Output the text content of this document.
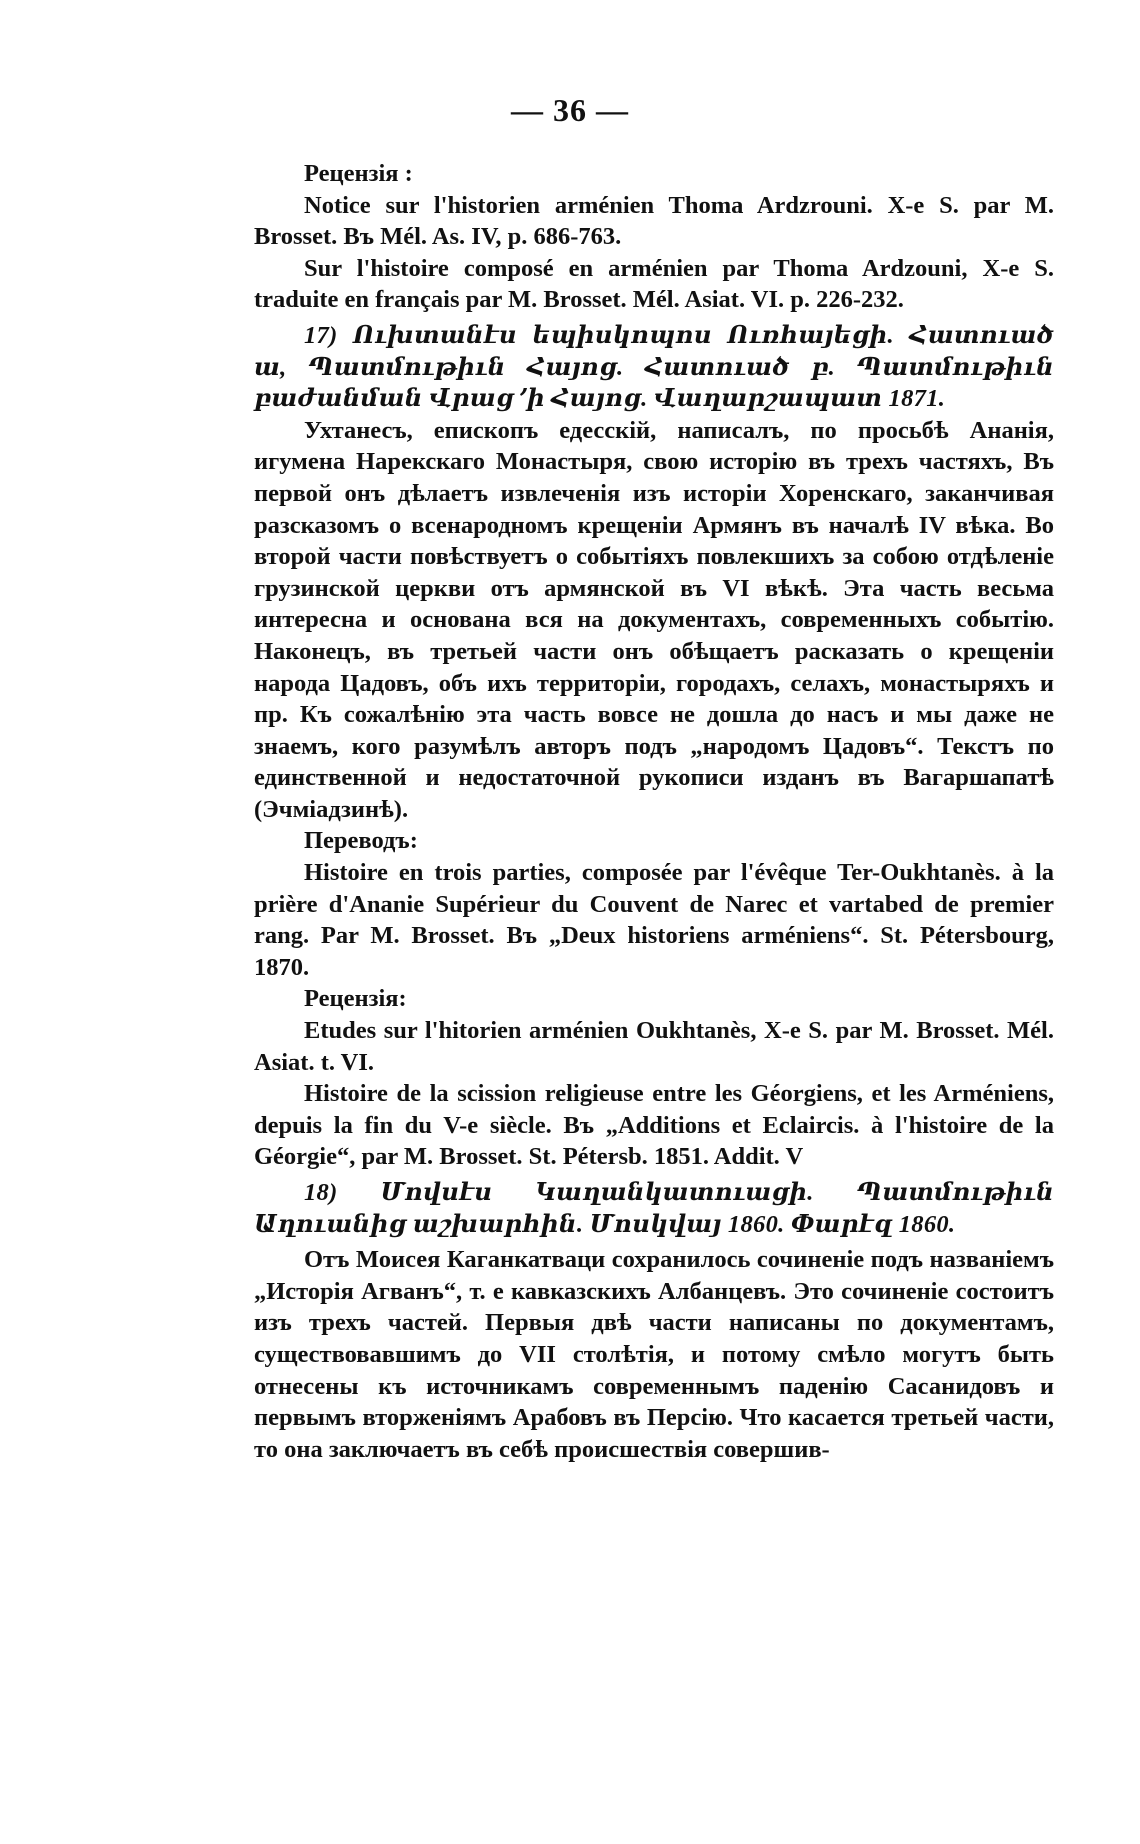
— 36 —

Рецензія :

Notice sur l'historien arménien Thoma Ardzrouni. X-e S. par M. Brosset. Въ Mél. As. IV, p. 686-763.

Sur l'histoire composé en arménien par Thoma Ardzouni, X-e S. traduite en français par M. Brosset. Mél. Asiat. VI. p. 226-232.

17) Ուխտանէս եպիսկոպոս Ուռհայեցի. Հատուած ա, Պատմութիւն Հայոց. Հատուած բ. Պատմութիւն բաժանման Վրաց ՚ի Հայոց. Վաղարշապատ 1871.

Ухтанесъ, епископъ едесскій, написалъ, по просьбѣ Ананія, игумена Нарекскаго Монастыря, свою исторію въ трехъ частяхъ, Въ первой онъ дѣлаетъ извлеченія изъ исторіи Хоренскаго, заканчивая разсказомъ о всенародномъ крещеніи Армянъ въ началѣ IV вѣка. Во второй части повѣствуетъ о событіяхъ повлекшихъ за собою отдѣленіе грузинской церкви отъ армянской въ VI вѣкѣ. Эта часть весьма интересна и основана вся на документахъ, современныхъ событію. Наконецъ, въ третьей части онъ обѣщаетъ расказать о крещеніи народа Цадовъ, объ ихъ территоріи, городахъ, селахъ, монастыряхъ и пр. Къ сожалѣнію эта часть вовсе не дошла до насъ и мы даже не знаемъ, кого разумѣлъ авторъ подъ „народомъ Цадовъ“. Текстъ по единственной и недостаточной рукописи изданъ въ Вагаршапатѣ (Эчміадзинѣ).

Переводъ:

Histoire en trois parties, composée par l'évêque Ter-Oukhtanès. à la prière d'Ananie Supérieur du Couvent de Narec et vartabed de premier rang. Par M. Brosset. Въ „Deux historiens arméniens“. St. Pétersbourg, 1870.

Рецензія:

Etudes sur l'hitorien arménien Oukhtanès, X-e S. par M. Brosset. Mél. Asiat. t. VI.

Histoire de la scission religieuse entre les Géorgiens, et les Arméniens, depuis la fin du V-e siècle. Въ „Additions et Eclaircis. à l'histoire de la Géorgie“, par M. Brosset. St. Pétersb. 1851. Addit. V

18) Մովսէս Կաղանկատուացի. Պատմութիւն Աղուանից աշխարհին. Մոսկվայ 1860. Փարէզ 1860.

Отъ Моисея Каганкатваци сохранилось сочиненіе подъ названіемъ „Исторія Агванъ“, т. е кавказскихъ Албанцевъ. Это сочиненіе состоитъ изъ трехъ частей. Первыя двѣ части написаны по документамъ, существовавшимъ до VII столѣтія, и потому смѣло могутъ быть отнесены къ источникамъ современнымъ паденію Сасанидовъ и первымъ вторженіямъ Арабовъ въ Персію. Что касается третьей части, то она заключаетъ въ себѣ проиcшествія совершив-
